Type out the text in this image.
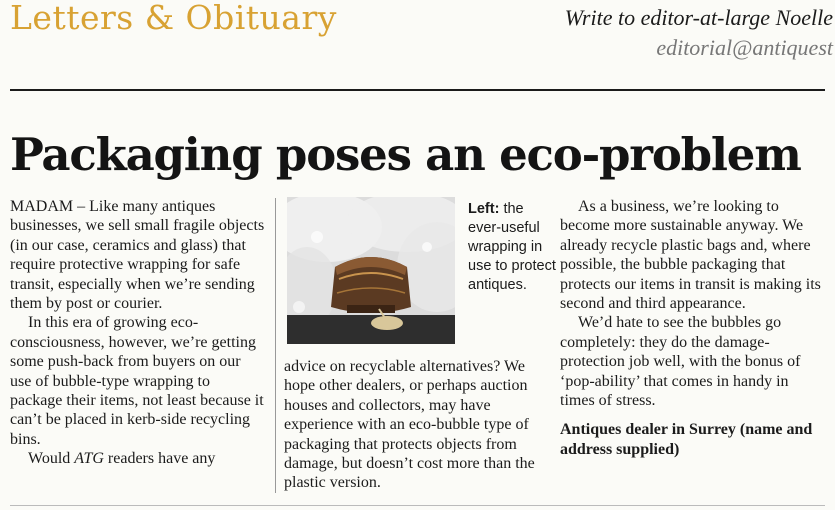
Letters & Obituary	Write to editor-at-large Noelle
editorial@antiquest
Packaging poses an eco-problem

MADAM – Like many antiques businesses, we sell small fragile objects (in our case, ceramics and glass) that require protective wrapping for safe transit, especially when we’re sending them by post or courier.

In this era of growing eco-consciousness, however, we’re getting some push-back from buyers on our use of bubble-type wrapping to package their items, not least because it can’t be placed in kerb-side recycling bins.

Would ATG readers have any

Left: the ever-useful wrapping in use to protect antiques.

advice on recyclable alternatives? We hope other dealers, or perhaps auction houses and collectors, may have experience with an eco-bubble type of packaging that protects objects from damage, but doesn’t cost more than the plastic version.

As a business, we’re looking to become more sustainable anyway. We already recycle plastic bags and, where possible, the bubble packaging that protects our items in transit is making its second and third appearance.

We’d hate to see the bubbles go completely: they do the damage-protection job well, with the bonus of ‘pop-ability’ that comes in handy in times of stress.

Antiques dealer in Surrey (name and address supplied)
